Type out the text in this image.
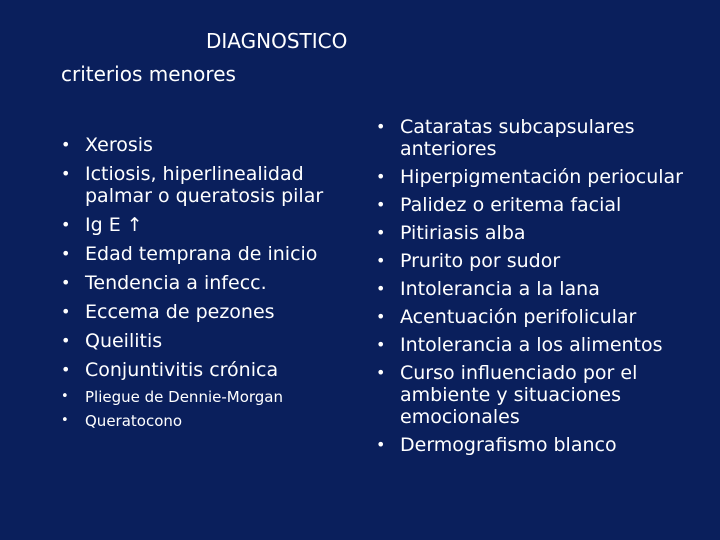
DIAGNOSTICO
criterios menores
• Xerosis
• Ictiosis, hiperlinealidad palmar o queratosis pilar
• Ig E ↑
• Edad temprana de inicio
• Tendencia a infecc.
• Eccema de pezones
• Queilitis
• Conjuntivitis crónica
• Pliegue de Dennie-Morgan
• Queratocono
• Cataratas subcapsulares anteriores
• Hiperpigmentación periocular
• Palidez o eritema facial
• Pitiriasis alba
• Prurito por sudor
• Intolerancia a la lana
• Acentuación perifolicular
• Intolerancia a los alimentos
• Curso influenciado por el ambiente y situaciones emocionales
• Dermografismo blanco
